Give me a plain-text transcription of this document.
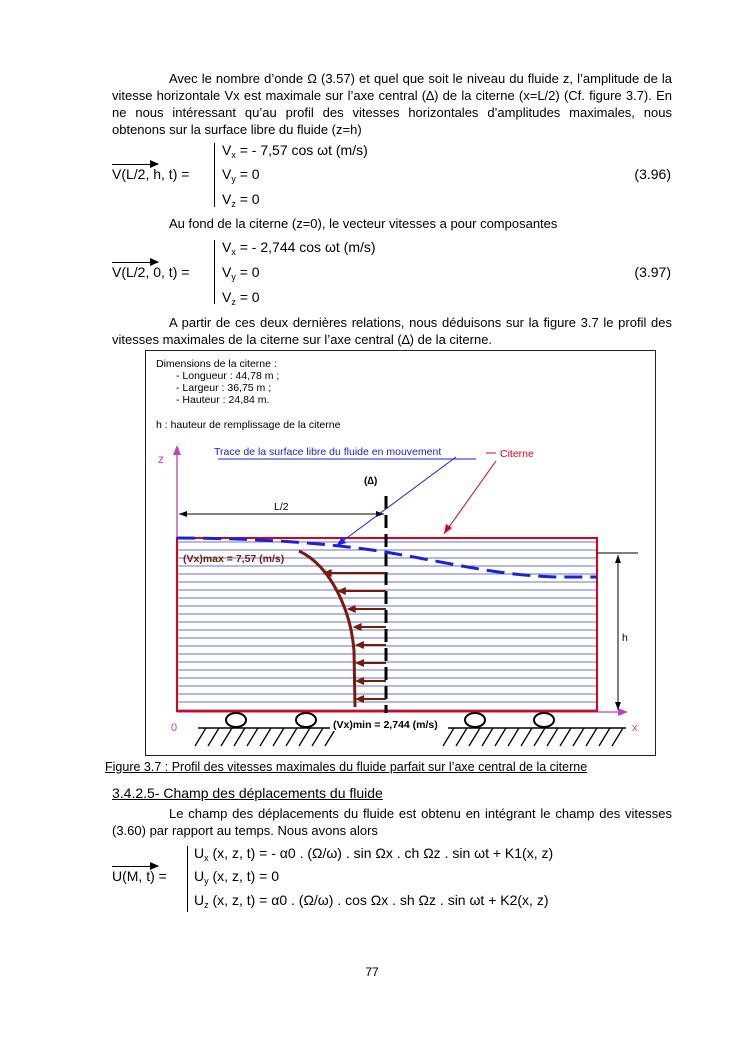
Avec le nombre d’onde Ω (3.57) et quel que soit le niveau du fluide z, l’amplitude de la vitesse horizontale Vx est maximale sur l’axe central (∆) de la citerne (x=L/2) (Cf. figure 3.7). En ne nous intéressant qu’au profil des vitesses horizontales d’amplitudes maximales, nous obtenons sur la surface libre du fluide (z=h)
V(L/2, h, t) =
$V_x$ = - 7,57 cos ωt (m/s)
$V_y = 0$
$V_z = 0$
(3.96)
Au fond de la citerne (z=0), le vecteur vitesses a pour composantes
V(L/2, 0, t) =
$V_x$ = - 2,744 cos ωt (m/s)
$V_y = 0$
$V_z = 0$
(3.97)
A partir de ces deux dernières relations, nous déduisons sur la figure 3.7 le profil des vitesses maximales de la citerne sur l’axe central (∆) de la citerne.
Dimensions de la citerne :
- Longueur : 44,78 m ;
- Largeur : 36,75 m ;
- Hauteur : 24,84 m.
h : hauteur de remplissage de la citerne
z
0	x
(∆)
L/2
h
Trace de la surface libre du fluide en mouvement	Citerne
(Vx)max = 7,57 (m/s)
(Vx)min = 2,744 (m/s)
Figure 3.7 : Profil des vitesses maximales du fluide parfait sur l’axe central de la citerne
3.4.2.5- Champ des déplacements du fluide
Le champ des déplacements du fluide est obtenu en intégrant le champ des vitesses (3.60) par rapport au temps. Nous avons alors
U(M, t) =
$U_x$ (x, z, t) = - α0 . (Ω/ω) . sin Ωx . ch Ωz . sin ωt + K1(x, z)
$U_y$ (x, z, t) = 0
$U_z$ (x, z, t) = α0 . (Ω/ω) . cos Ωx . sh Ωz . sin ωt + K2(x, z)
77
